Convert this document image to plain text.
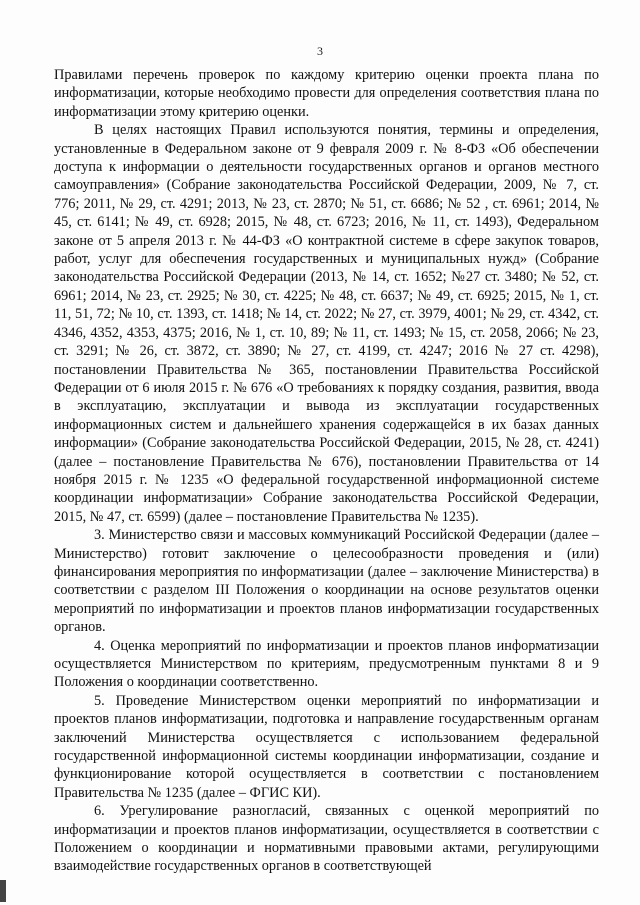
3

Правилами перечень проверок по каждому критерию оценки проекта плана по информатизации, которые необходимо провести для определения соответствия плана по информатизации этому критерию оценки.

В целях настоящих Правил используются понятия, термины и определения, установленные в Федеральном законе от 9 февраля 2009 г. № 8-ФЗ «Об обеспечении доступа к информации о деятельности государственных органов и органов местного самоуправления» (Собрание законодательства Российской Федерации, 2009, № 7, ст. 776; 2011, № 29, ст. 4291; 2013, № 23, ст. 2870; № 51, ст. 6686; № 52 , ст. 6961; 2014, № 45, ст. 6141; № 49, ст. 6928; 2015, № 48, ст. 6723; 2016, № 11, ст. 1493), Федеральном законе от 5 апреля 2013 г. № 44-ФЗ «О контрактной системе в сфере закупок товаров, работ, услуг для обеспечения государственных и муниципальных нужд» (Собрание законодательства Российской Федерации (2013, № 14, ст. 1652; №27 ст. 3480; № 52, ст. 6961; 2014, № 23, ст. 2925; № 30, ст. 4225; № 48, ст. 6637; № 49, ст. 6925; 2015, № 1, ст. 11, 51, 72; № 10, ст. 1393, ст. 1418; № 14, ст. 2022; № 27, ст. 3979, 4001; № 29, ст. 4342, ст. 4346, 4352, 4353, 4375; 2016, № 1, ст. 10, 89; № 11, ст. 1493; № 15, ст. 2058, 2066; № 23, ст. 3291; № 26, ст. 3872, ст. 3890; № 27, ст. 4199, ст. 4247; 2016 № 27 ст. 4298), постановлении Правительства № 365, постановлении Правительства Российской Федерации от 6 июля 2015 г. № 676 «О требованиях к порядку создания, развития, ввода в эксплуатацию, эксплуатации и вывода из эксплуатации государственных информационных систем и дальнейшего хранения содержащейся в их базах данных информации» (Собрание законодательства Российской Федерации, 2015, № 28, ст. 4241) (далее – постановление Правительства № 676), постановлении Правительства от 14 ноября 2015 г. № 1235 «О федеральной государственной информационной системе координации информатизации» Собрание законодательства Российской Федерации, 2015, № 47, ст. 6599) (далее – постановление Правительства № 1235).

3. Министерство связи и массовых коммуникаций Российской Федерации (далее – Министерство) готовит заключение о целесообразности проведения и (или) финансирования мероприятия по информатизации (далее – заключение Министерства) в соответствии с разделом III Положения о координации на основе результатов оценки мероприятий по информатизации и проектов планов информатизации государственных органов.

4. Оценка мероприятий по информатизации и проектов планов информатизации осуществляется Министерством по критериям, предусмотренным пунктами 8 и 9 Положения о координации соответственно.

5. Проведение Министерством оценки мероприятий по информатизации и проектов планов информатизации, подготовка и направление государственным органам заключений Министерства осуществляется с использованием федеральной государственной информационной системы координации информатизации, создание и функционирование которой осуществляется в соответствии с постановлением Правительства № 1235 (далее – ФГИС КИ).

6. Урегулирование разногласий, связанных с оценкой мероприятий по информатизации и проектов планов информатизации, осуществляется в соответствии с Положением о координации и нормативными правовыми актами, регулирующими взаимодействие государственных органов в соответствующей
